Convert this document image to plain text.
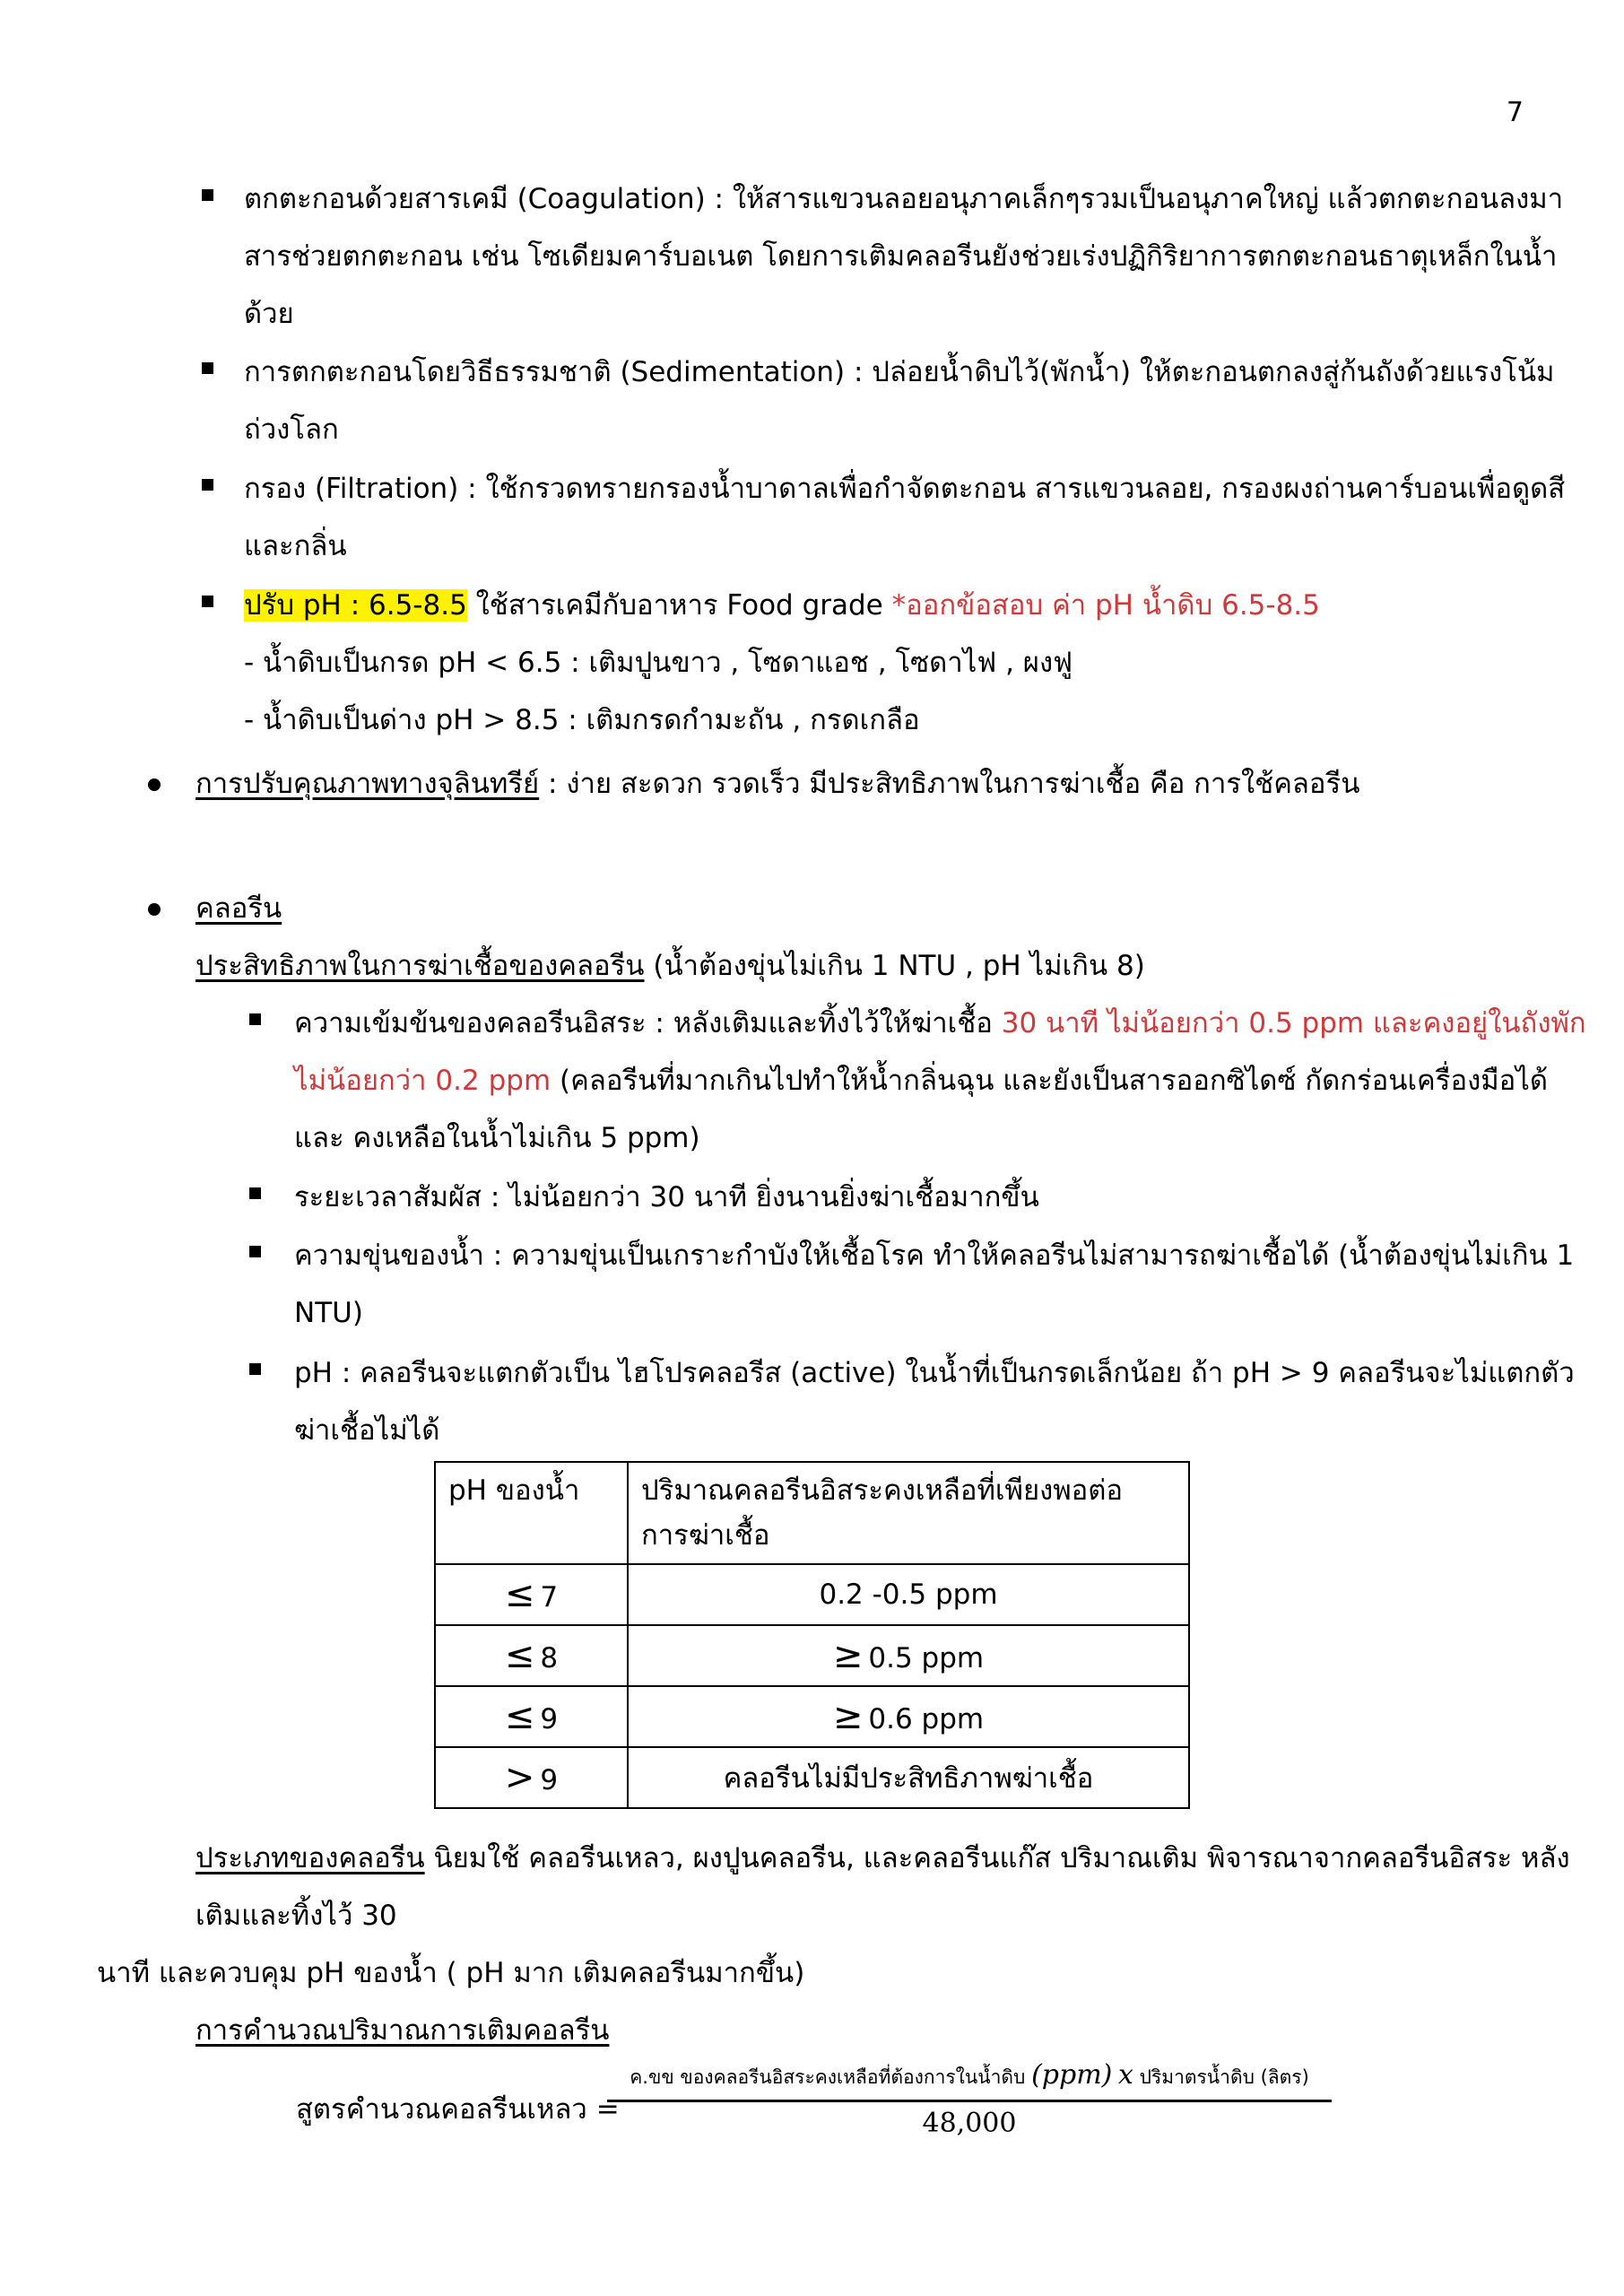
7
ตกตะกอนด้วยสารเคมี (Coagulation) : ให้สารแขวนลอยอนุภาคเล็กๆรวมเป็นอนุภาคใหญ่ แล้วตกตะกอนลงมา
สารช่วยตกตะกอน เช่น โซเดียมคาร์บอเนต โดยการเติมคลอรีนยังช่วยเร่งปฏิกิริยาการตกตะกอนธาตุเหล็กในน้ำ
ด้วย
การตกตะกอนโดยวิธีธรรมชาติ (Sedimentation) : ปล่อยน้ำดิบไว้(พักน้ำ) ให้ตะกอนตกลงสู่ก้นถังด้วยแรงโน้ม
ถ่วงโลก
กรอง (Filtration) : ใช้กรวดทรายกรองน้ำบาดาลเพื่อกำจัดตะกอน สารแขวนลอย, กรองผงถ่านคาร์บอนเพื่อดูดสี
และกลิ่น
ปรับ pH : 6.5-8.5 ใช้สารเคมีกับอาหาร Food grade *ออกข้อสอบ ค่า pH น้ำดิบ 6.5-8.5
- น้ำดิบเป็นกรด pH < 6.5 : เติมปูนขาว , โซดาแอช , โซดาไฟ , ผงฟู
- น้ำดิบเป็นด่าง pH > 8.5 : เติมกรดกำมะถัน , กรดเกลือ
การปรับคุณภาพทางจุลินทรีย์ : ง่าย สะดวก รวดเร็ว มีประสิทธิภาพในการฆ่าเชื้อ คือ การใช้คลอรีน
คลอรีน
ประสิทธิภาพในการฆ่าเชื้อของคลอรีน (น้ำต้องขุ่นไม่เกิน 1 NTU , pH ไม่เกิน 8)
ความเข้มข้นของคลอรีนอิสระ : หลังเติมและทิ้งไว้ให้ฆ่าเชื้อ 30 นาที ไม่น้อยกว่า 0.5 ppm และคงอยู่ในถังพัก
ไม่น้อยกว่า 0.2 ppm (คลอรีนที่มากเกินไปทำให้น้ำกลิ่นฉุน และยังเป็นสารออกซิไดซ์ กัดกร่อนเครื่องมือได้
และ คงเหลือในน้ำไม่เกิน 5 ppm)
ระยะเวลาสัมผัส : ไม่น้อยกว่า 30 นาที ยิ่งนานยิ่งฆ่าเชื้อมากขึ้น
ความขุ่นของน้ำ : ความขุ่นเป็นเกราะกำบังให้เชื้อโรค ทำให้คลอรีนไม่สามารถฆ่าเชื้อได้ (น้ำต้องขุ่นไม่เกิน 1
NTU)
pH : คลอรีนจะแตกตัวเป็น ไฮโปรคลอรีส (active) ในน้ำที่เป็นกรดเล็กน้อย ถ้า pH > 9 คลอรีนจะไม่แตกตัว
ฆ่าเชื้อไม่ได้
pH ของน้ำ	ปริมาณคลอรีนอิสระคงเหลือที่เพียงพอต่อการฆ่าเชื้อ
≤ 7	0.2 -0.5 ppm
≤ 8	≥ 0.5 ppm
≤ 9	≥ 0.6 ppm
> 9	คลอรีนไม่มีประสิทธิภาพฆ่าเชื้อ
ประเภทของคลอรีน นิยมใช้ คลอรีนเหลว, ผงปูนคลอรีน, และคลอรีนแก๊ส ปริมาณเติม พิจารณาจากคลอรีนอิสระ หลัง
เติมและทิ้งไว้ 30
นาที และควบคุม pH ของน้ำ ( pH มาก เติมคลอรีนมากขึ้น)
การคำนวณปริมาณการเติมคอลรีน
สูตรคำนวณคอลรีนเหลว =
ค.ขข ของคลอรีนอิสระคงเหลือที่ต้องการในน้ำดิบ (ppm) x ปริมาตรน้ำดิบ (ลิตร)
48,000
